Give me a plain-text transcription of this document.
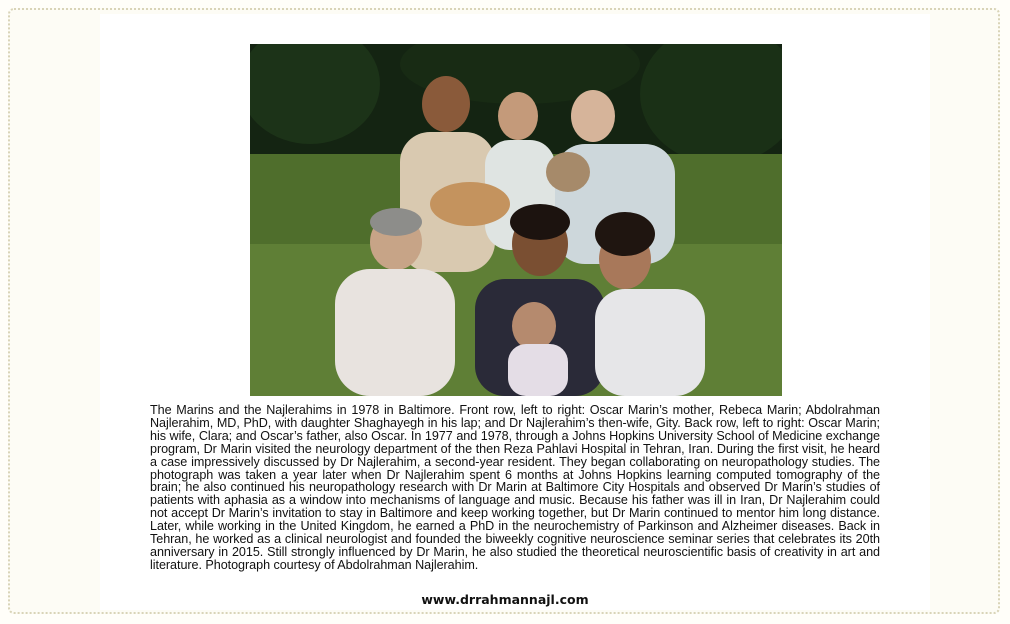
The Marins and the Najlerahims in 1978 in Baltimore. Front row, left to right: Oscar Marin’s mother, Rebeca Marin; Abdolrahman Najlerahim, MD, PhD, with daughter Shaghayegh in his lap; and Dr Najlerahim’s then-wife, Gity. Back row, left to right: Oscar Marin; his wife, Clara; and Oscar’s father, also Oscar. In 1977 and 1978, through a Johns Hopkins University School of Medicine exchange program, Dr Marin visited the neurology department of the then Reza Pahlavi Hospital in Tehran, Iran. During the first visit, he heard a case impressively discussed by Dr Najlerahim, a second-year resident. They began collaborating on neuropathology studies. The photograph was taken a year later when Dr Najlerahim spent 6 months at Johns Hopkins learning computed tomography of the brain; he also continued his neuropathology research with Dr Marin at Baltimore City Hospitals and observed Dr Marin’s studies of patients with aphasia as a window into mechanisms of language and music. Because his father was ill in Iran, Dr Najlerahim could not accept Dr Marin’s invitation to stay in Baltimore and keep working together, but Dr Marin continued to mentor him long distance. Later, while working in the United Kingdom, he earned a PhD in the neurochemistry of Parkinson and Alzheimer diseases. Back in Tehran, he worked as a clinical neurologist and founded the biweekly cognitive neuroscience seminar series that celebrates its 20th anniversary in 2015. Still strongly influenced by Dr Marin, he also studied the theoretical neuroscientific basis of creativity in art and literature. Photograph courtesy of Abdolrahman Najlerahim.
www.drrahmannajl.com
